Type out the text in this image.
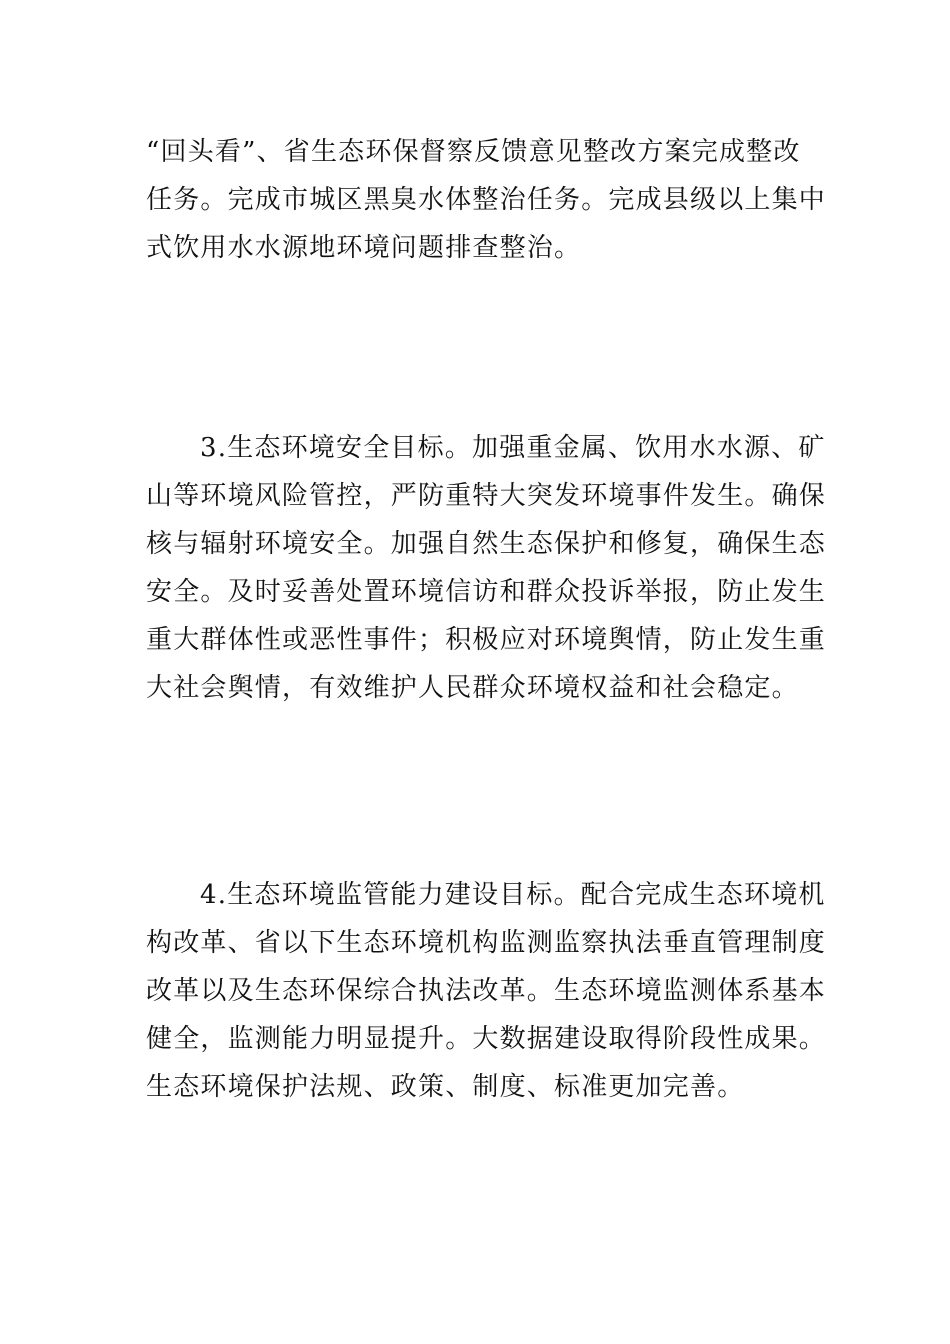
“回头看”、省生态环保督察反馈意见整改方案完成整改
任务。完成市城区黑臭水体整治任务。完成县级以上集中
式饮用水水源地环境问题排查整治。

3.生态环境安全目标。加强重金属、饮用水水源、矿
山等环境风险管控，严防重特大突发环境事件发生。确保
核与辐射环境安全。加强自然生态保护和修复，确保生态
安全。及时妥善处置环境信访和群众投诉举报，防止发生
重大群体性或恶性事件；积极应对环境舆情，防止发生重
大社会舆情，有效维护人民群众环境权益和社会稳定。

4.生态环境监管能力建设目标。配合完成生态环境机
构改革、省以下生态环境机构监测监察执法垂直管理制度
改革以及生态环保综合执法改革。生态环境监测体系基本
健全，监测能力明显提升。大数据建设取得阶段性成果。
生态环境保护法规、政策、制度、标准更加完善。
